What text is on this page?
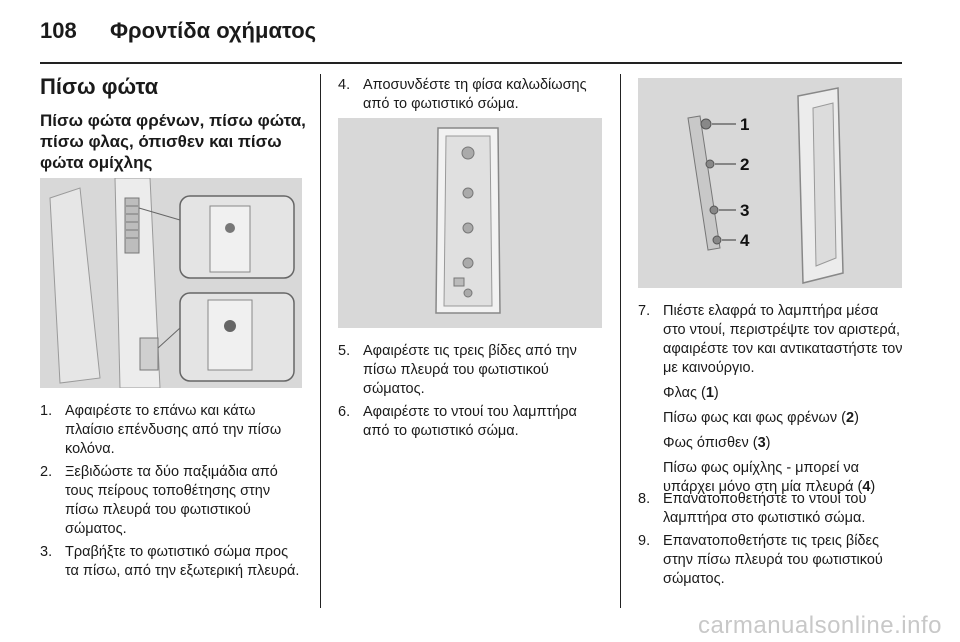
108 Φροντίδα οχήματος
Πίσω φώτα
Πίσω φώτα φρένων, πίσω φώτα, πίσω φλας, όπισθεν και πίσω φώτα ομίχλης
1. Αφαιρέστε το επάνω και κάτω πλαίσιο επένδυσης από την πίσω κολόνα.
2. Ξεβιδώστε τα δύο παξιμάδια από τους πείρους τοποθέτησης στην πίσω πλευρά του φωτιστικού σώματος.
3. Τραβήξτε το φωτιστικό σώμα προς τα πίσω, από την εξωτερική πλευρά.
4. Αποσυνδέστε τη φίσα καλωδίωσης από το φωτιστικό σώμα.
5. Αφαιρέστε τις τρεις βίδες από την πίσω πλευρά του φωτιστικού σώματος.
6. Αφαιρέστε το ντουί του λαμπτήρα από το φωτιστικό σώμα.
1
2
3
4
7. Πιέστε ελαφρά το λαμπτήρα μέσα στο ντουί, περιστρέψτε τον αριστερά, αφαιρέστε τον και αντικαταστήστε τον με καινούργιο.

Φλας (1)

Πίσω φως και φως φρένων (2)

Φως όπισθεν (3)

Πίσω φως ομίχλης - μπορεί να υπάρχει μόνο στη μία πλευρά (4)

8. Επανατοποθετήστε το ντουί του λαμπτήρα στο φωτιστικό σώμα.
9. Επανατοποθετήστε τις τρεις βίδες στην πίσω πλευρά του φωτιστικού σώματος.
carmanualsonline.info
